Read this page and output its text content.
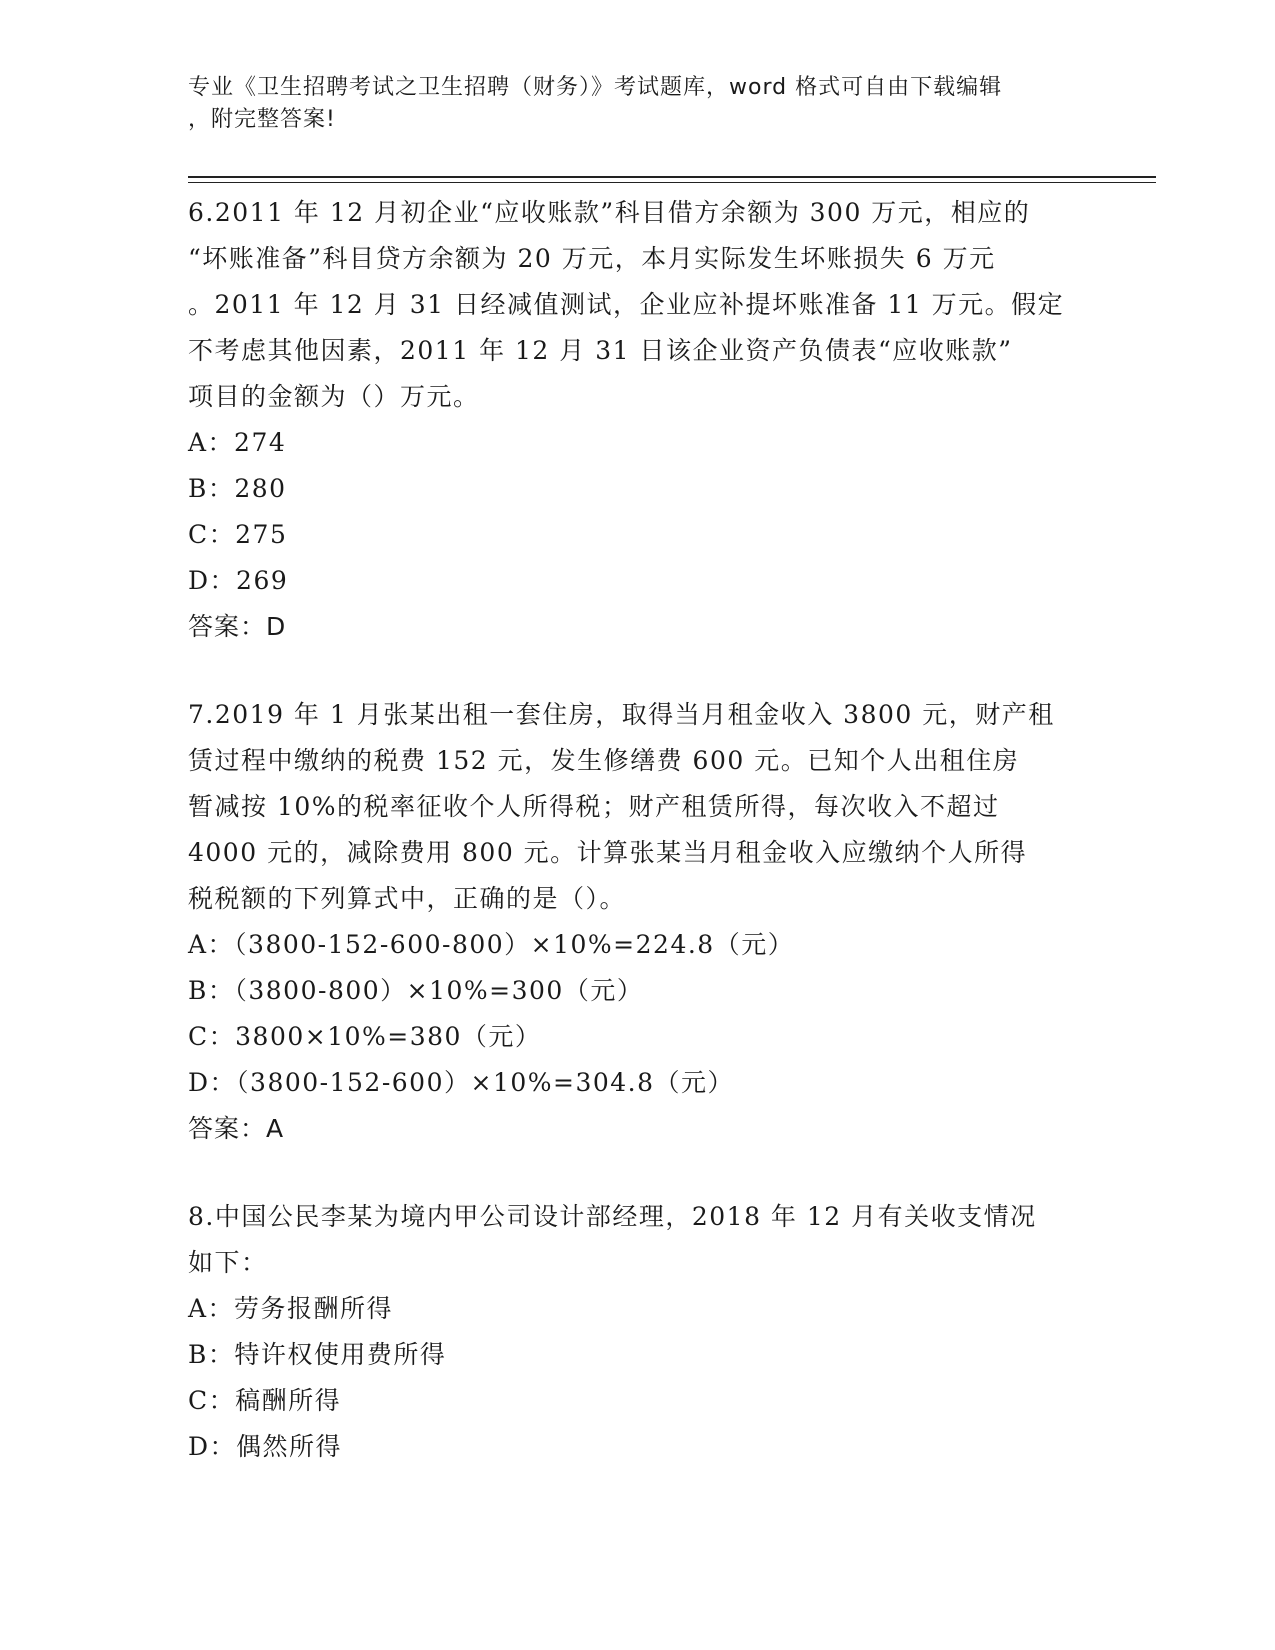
专业《卫生招聘考试之卫生招聘（财务）》考试题库，word 格式可自由下载编辑
，附完整答案!

6.2011 年 12 月初企业“应收账款”科目借方余额为 300 万元，相应的

“坏账准备”科目贷方余额为 20 万元，本月实际发生坏账损失 6 万元

。2011 年 12 月 31 日经减值测试，企业应补提坏账准备 11 万元。假定

不考虑其他因素，2011 年 12 月 31 日该企业资产负债表“应收账款”

项目的金额为（）万元。

A：274

B：280

C：275

D：269

答案：D

7.2019 年 1 月张某出租一套住房，取得当月租金收入 3800 元，财产租

赁过程中缴纳的税费 152 元，发生修缮费 600 元。已知个人出租住房

暂减按 10%的税率征收个人所得税；财产租赁所得，每次收入不超过

4000 元的，减除费用 800 元。计算张某当月租金收入应缴纳个人所得

税税额的下列算式中，正确的是（）。

A：（3800-152-600-800）×10%=224.8（元）

B：（3800-800）×10%=300（元）

C：3800×10%=380（元）

D：（3800-152-600）×10%=304.8（元）

答案：A

8.中国公民李某为境内甲公司设计部经理，2018 年 12 月有关收支情况

如下：

A：劳务报酬所得

B：特许权使用费所得

C：稿酬所得

D：偶然所得
